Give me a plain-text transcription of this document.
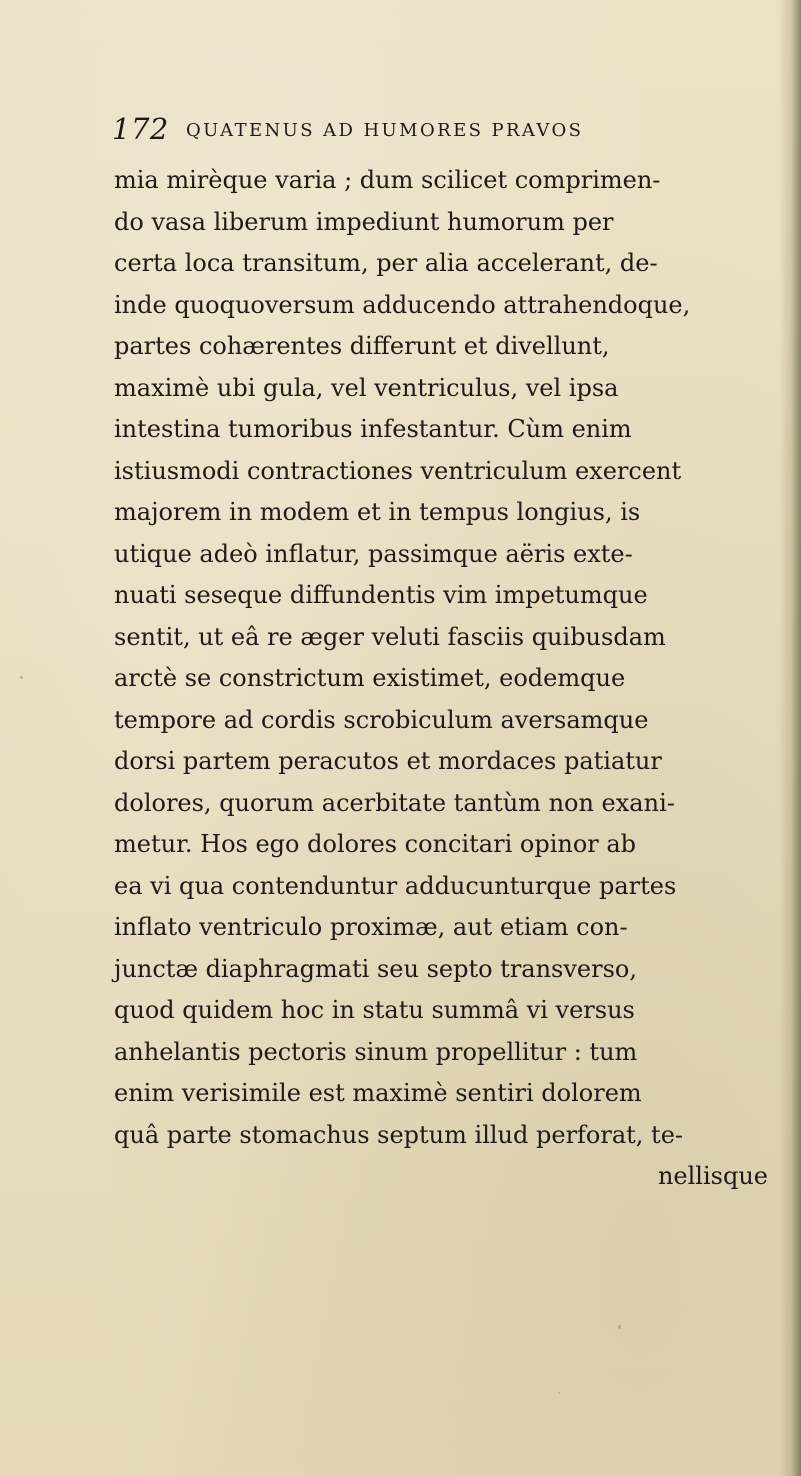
172 QUATENUS AD HUMORES PRAVOS
mia mirèque varia ; dum scilicet comprimen-
do vasa liberum impediunt humorum per
certa loca transitum, per alia accelerant, de-
inde quoquoversum adducendo attrahendoque,
partes cohærentes differunt et divellunt,
maximè ubi gula, vel ventriculus, vel ipsa
intestina tumoribus infestantur. Cùm enim
istiusmodi contractiones ventriculum exercent
majorem in modem et in tempus longius, is
utique adeò inflatur, passimque aëris exte-
nuati seseque diffundentis vim impetumque
sentit, ut eâ re æger veluti fasciis quibusdam
arctè se constrictum existimet, eodemque
tempore ad cordis scrobiculum aversamque
dorsi partem peracutos et mordaces patiatur
dolores, quorum acerbitate tantùm non exani-
metur. Hos ego dolores concitari opinor ab
ea vi qua contenduntur adducunturque partes
inflato ventriculo proximæ, aut etiam con-
junctæ diaphragmati seu septo transverso,
quod quidem hoc in statu summâ vi versus
anhelantis pectoris sinum propellitur : tum
enim verisimile est maximè sentiri dolorem
quâ parte stomachus septum illud perforat, te-
nellisque
